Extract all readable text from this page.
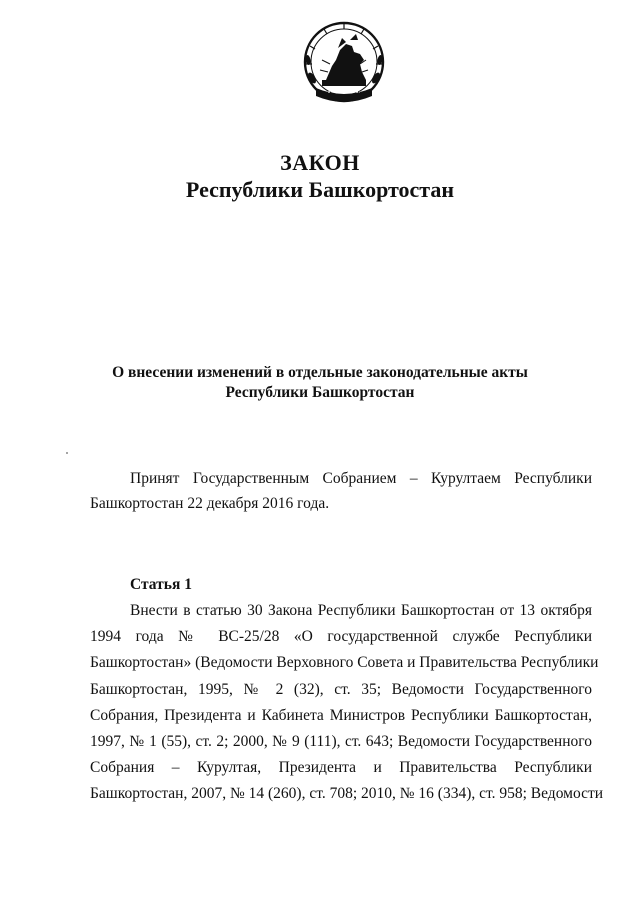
ЗАКОН
Республики Башкортостан
О внесении изменений в отдельные законодательные акты
Республики Башкортостан
Принят Государственным Собранием – Курултаем Республики Башкортостан 22 декабря 2016 года.
Статья 1
Внести в статью 30 Закона Республики Башкортостан от 13 октября
1994 года № ВС-25/28 «О государственной службе Республики
Башкортостан» (Ведомости Верховного Совета и Правительства Республики
Башкортостан, 1995, № 2 (32), ст. 35; Ведомости Государственного
Собрания, Президента и Кабинета Министров Республики Башкортостан,
1997, № 1 (55), ст. 2; 2000, № 9 (111), ст. 643; Ведомости Государственного
Собрания – Курултая, Президента и Правительства Республики
Башкортостан, 2007, № 14 (260), ст. 708; 2010, № 16 (334), ст. 958; Ведомости
